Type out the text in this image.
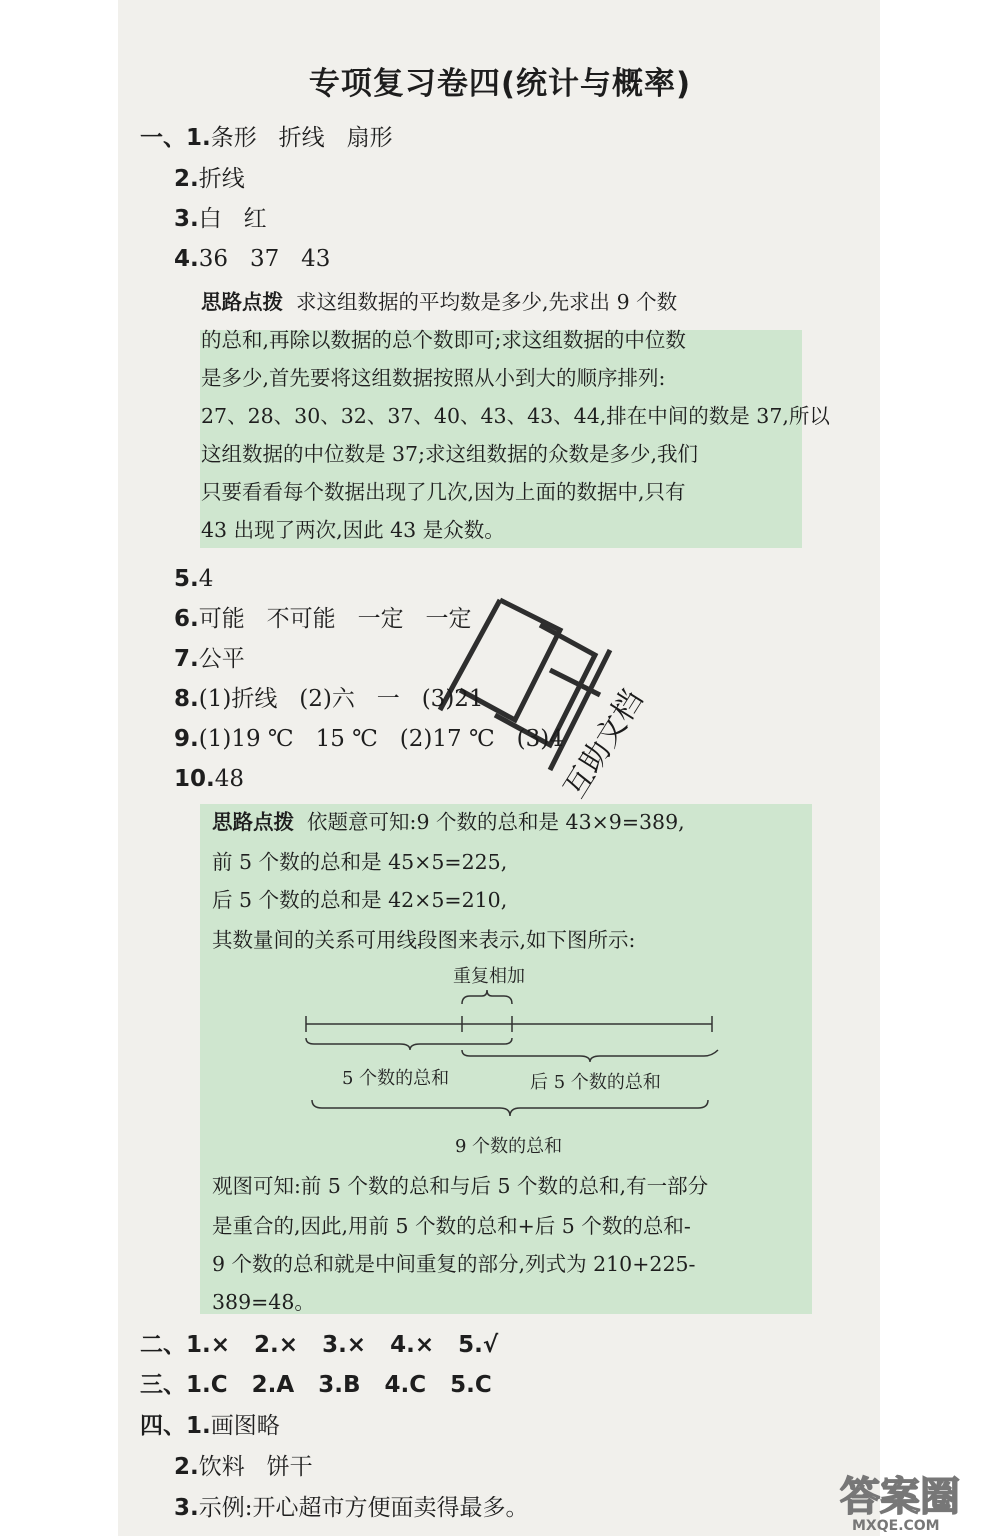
专项复习卷四(统计与概率)
一、1.条形   折线   扇形
2.折线
3.白   红
4.36   37   43
思路点拨 求这组数据的平均数是多少,先求出 9 个数
的总和,再除以数据的总个数即可;求这组数据的中位数
是多少,首先要将这组数据按照从小到大的顺序排列:
27、28、30、32、37、40、43、43、44,排在中间的数是 37,所以
这组数据的中位数是 37;求这组数据的众数是多少,我们
只要看看每个数据出现了几次,因为上面的数据中,只有
43 出现了两次,因此 43 是众数。
5.4
6.可能   不可能   一定   一定
7.公平
8.(1)折线   (2)六   一   (3)21
9.(1)19 ℃   15 ℃   (2)17 ℃   (3)4
10.48	互助文档
思路点拨 依题意可知:9 个数的总和是 43×9=389,
前 5 个数的总和是 45×5=225,
后 5 个数的总和是 42×5=210,
其数量间的关系可用线段图来表示,如下图所示:
重复相加
5 个数的总和	后 5 个数的总和
9 个数的总和
观图可知:前 5 个数的总和与后 5 个数的总和,有一部分
是重合的,因此,用前 5 个数的总和+后 5 个数的总和-
9 个数的总和就是中间重复的部分,列式为 210+225-
389=48。
二、1.×   2.×   3.×   4.×   5.√
三、1.C   2.A   3.B   4.C   5.C
四、1.画图略
2.饮料   饼干
3.示例:开心超市方便面卖得最多。	答案圈
MXQE.COM
